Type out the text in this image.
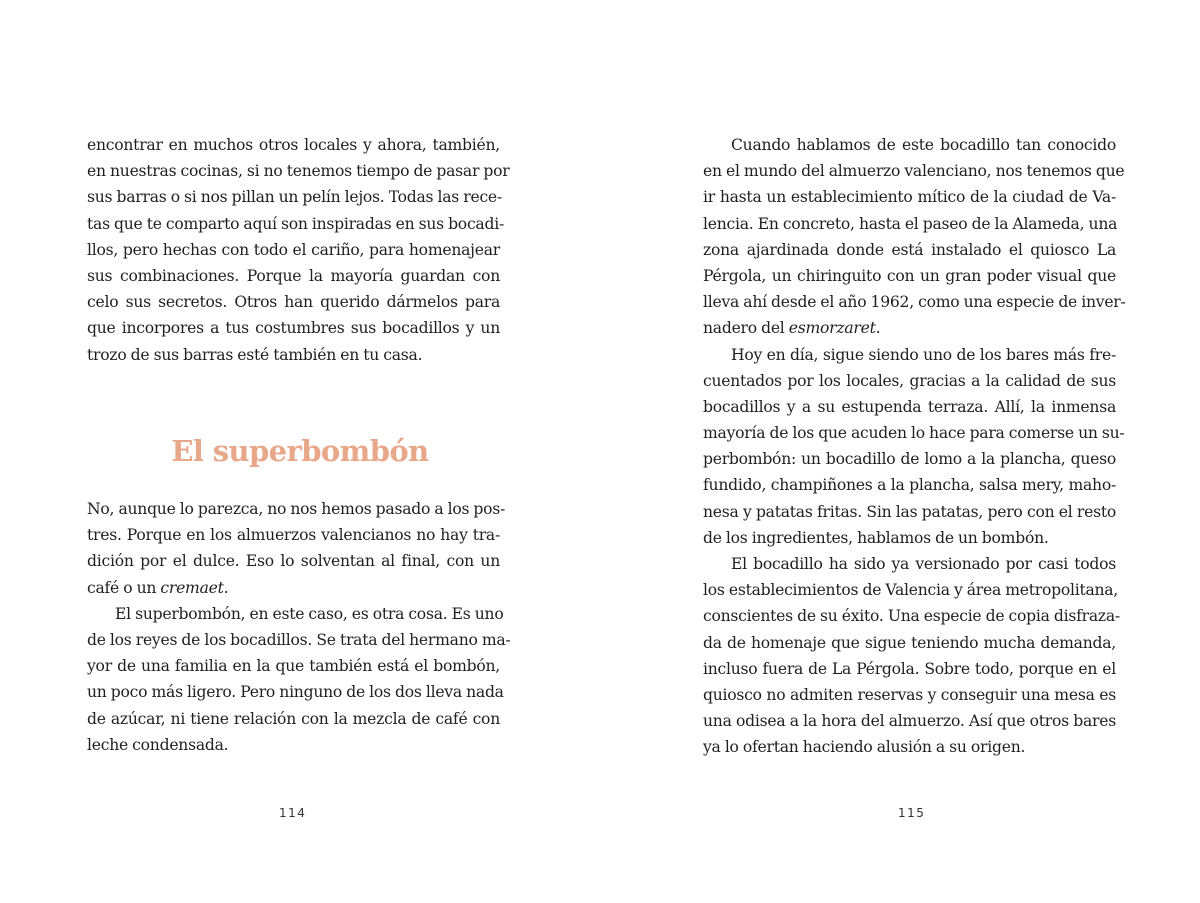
encontrar en muchos otros locales y ahora, también,
en nuestras cocinas, si no tenemos tiempo de pasar por
sus barras o si nos pillan un pelín lejos. Todas las rece-
tas que te comparto aquí son inspiradas en sus bocadi-
llos, pero hechas con todo el cariño, para homenajear
sus combinaciones. Porque la mayoría guardan con
celo sus secretos. Otros han querido dármelos para
que incorpores a tus costumbres sus bocadillos y un
trozo de sus barras esté también en tu casa.
El superbombón
No, aunque lo parezca, no nos hemos pasado a los pos-
tres. Porque en los almuerzos valencianos no hay tra-
dición por el dulce. Eso lo solventan al final, con un
café o un cremaet.
El superbombón, en este caso, es otra cosa. Es uno
de los reyes de los bocadillos. Se trata del hermano ma-
yor de una familia en la que también está el bombón,
un poco más ligero. Pero ninguno de los dos lleva nada
de azúcar, ni tiene relación con la mezcla de café con
leche condensada.
114
Cuando hablamos de este bocadillo tan conocido
en el mundo del almuerzo valenciano, nos tenemos que
ir hasta un establecimiento mítico de la ciudad de Va-
lencia. En concreto, hasta el paseo de la Alameda, una
zona ajardinada donde está instalado el quiosco La
Pérgola, un chiringuito con un gran poder visual que
lleva ahí desde el año 1962, como una especie de inver-
nadero del esmorzaret.
Hoy en día, sigue siendo uno de los bares más fre-
cuentados por los locales, gracias a la calidad de sus
bocadillos y a su estupenda terraza. Allí, la inmensa
mayoría de los que acuden lo hace para comerse un su-
perbombón: un bocadillo de lomo a la plancha, queso
fundido, champiñones a la plancha, salsa mery, maho-
nesa y patatas fritas. Sin las patatas, pero con el resto
de los ingredientes, hablamos de un bombón.
El bocadillo ha sido ya versionado por casi todos
los establecimientos de Valencia y área metropolitana,
conscientes de su éxito. Una especie de copia disfraza-
da de homenaje que sigue teniendo mucha demanda,
incluso fuera de La Pérgola. Sobre todo, porque en el
quiosco no admiten reservas y conseguir una mesa es
una odisea a la hora del almuerzo. Así que otros bares
ya lo ofertan haciendo alusión a su origen.
115
